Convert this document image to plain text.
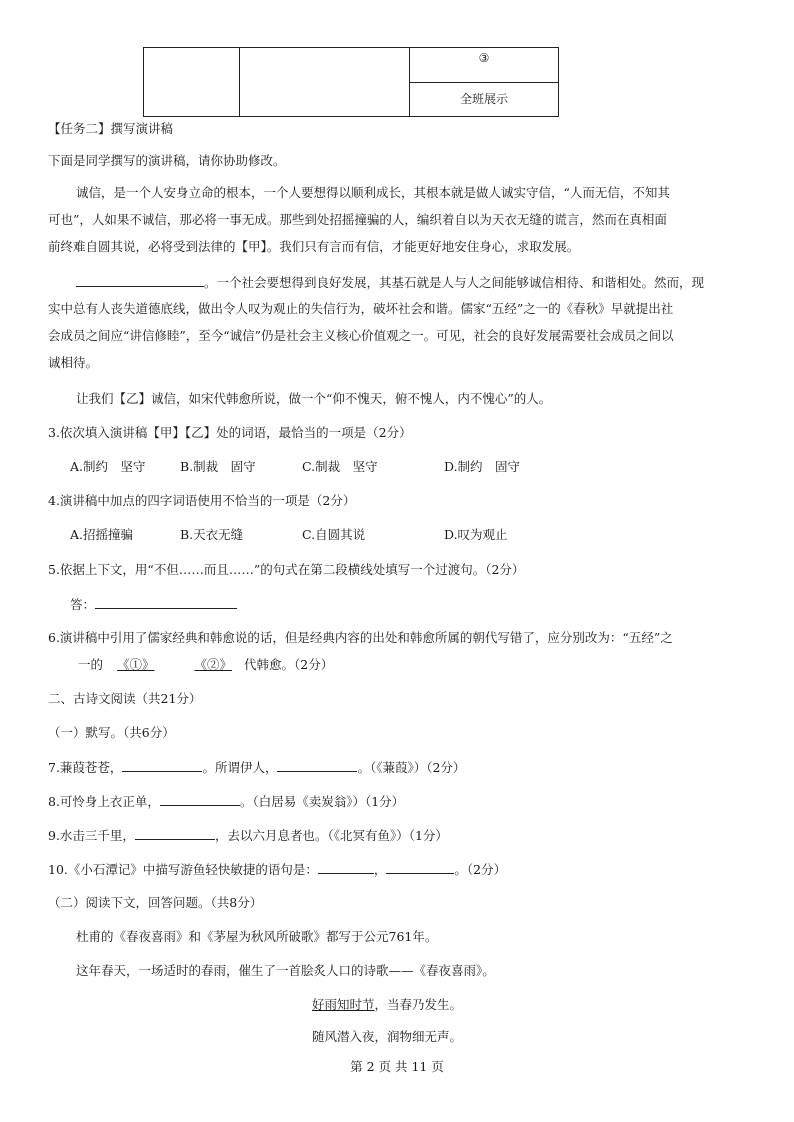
③
全班展示
【任务二】撰写演讲稿
下面是同学撰写的演讲稿，请你协助修改。
诚信，是一个人安身立命的根本，一个人要想得以顺利成长，其根本就是做人诚实守信，“人而无信，不知其
可也”，人如果不诚信，那必将一事无成。那些到处招摇撞骗的人，编织着自以为天衣无缝的谎言，然而在真相面
前终难自圆其说，必将受到法律的【甲】。我们只有言而有信，才能更好地安住身心，求取发展。
。一个社会要想得到良好发展，其基石就是人与人之间能够诚信相待、和谐相处。然而，现
实中总有人丧失道德底线，做出令人叹为观止的失信行为，破坏社会和谐。儒家“五经”之一的《春秋》早就提出社
会成员之间应“讲信修睦”，至今“诚信”仍是社会主义核心价值观之一。可见，社会的良好发展需要社会成员之间以
诚相待。
让我们【乙】诚信，如宋代韩愈所说，做一个“仰不愧天，俯不愧人，内不愧心”的人。
3.依次填入演讲稿【甲】【乙】处的词语，最恰当的一项是（2分）
A.制约　坚守	B.制裁　固守	C.制裁　坚守	D.制约　固守
4.演讲稿中加点的四字词语使用不恰当的一项是（2分）
A.招摇撞骗	B.天衣无缝	C.自圆其说	D.叹为观止
5.依据上下文，用“不但……而且……”的句式在第二段横线处填写一个过渡句。（2分）
答：
6.演讲稿中引用了儒家经典和韩愈说的话，但是经典内容的出处和韩愈所属的朝代写错了，应分别改为：“五经”之
一的 《①》	《②》 代韩愈。（2分）
二、古诗文阅读（共21分）
（一）默写。（共6分）
7.蒹葭苍苍，	。所谓伊人，	。（《蒹葭》）（2分）
8.可怜身上衣正单，	。（白居易《卖炭翁》）（1分）
9.水击三千里，	，去以六月息者也。（《北冥有鱼》）（1分）
10.《小石潭记》中描写游鱼轻快敏捷的语句是：	，	。（2分）
（二）阅读下文，回答问题。（共8分）
杜甫的《春夜喜雨》和《茅屋为秋风所破歌》都写于公元761年。
这年春天，一场适时的春雨，催生了一首脍炙人口的诗歌——《春夜喜雨》。
好雨知时节，当春乃发生。
随风潜入夜，润物细无声。
第 2 页 共 11 页
